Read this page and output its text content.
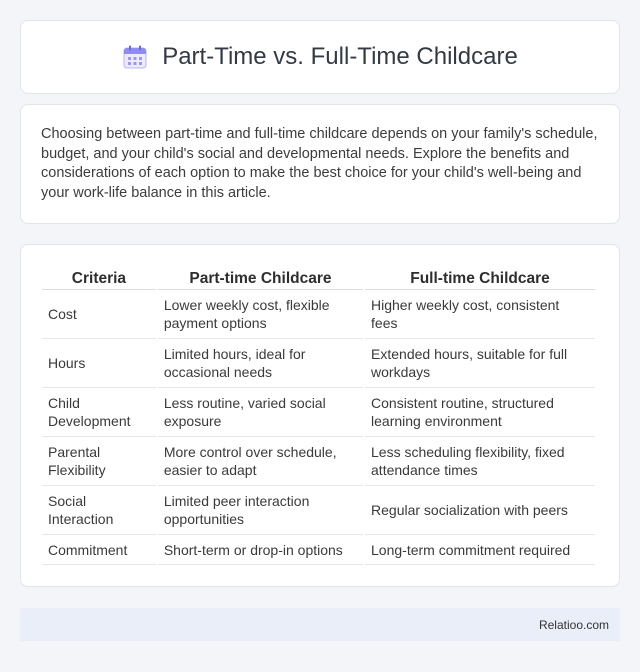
Part-Time vs. Full-Time Childcare

Choosing between part-time and full-time childcare depends on your family's schedule, budget, and your child's social and developmental needs. Explore the benefits and considerations of each option to make the best choice for your child's well-being and your work-life balance in this article.

Criteria	Part-time Childcare	Full-time Childcare
Cost	Lower weekly cost, flexible payment options	Higher weekly cost, consistent fees
Hours	Limited hours, ideal for occasional needs	Extended hours, suitable for full workdays
Child Development	Less routine, varied social exposure	Consistent routine, structured learning environment
Parental Flexibility	More control over schedule, easier to adapt	Less scheduling flexibility, fixed attendance times
Social Interaction	Limited peer interaction opportunities	Regular socialization with peers
Commitment	Short-term or drop-in options	Long-term commitment required
Relatioo.com
